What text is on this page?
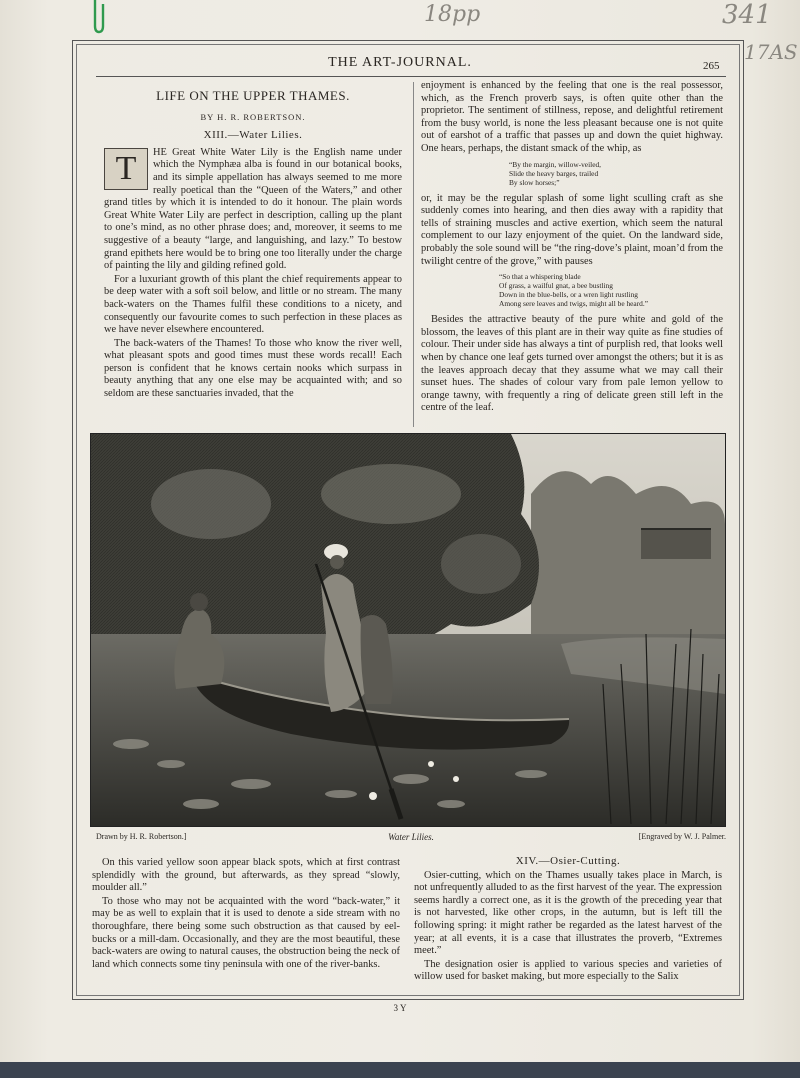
18pp	341
17AS
THE ART-JOURNAL.	265
LIFE ON THE UPPER THAMES.
BY H. R. ROBERTSON.
XIII.—Water Lilies.

T	HE Great White Water Lily is the English name under which the Nymphæa alba is found in our botanical books, and its simple appellation has always seemed to me more really poetical than the “Queen of the Waters,” and other grand titles by which it is intended to do it honour. The plain words Great White Water Lily are perfect in description, calling up the plant to one’s mind, as no other phrase does; and, moreover, it seems to me suggestive of a beauty “large, and languishing, and lazy.” To bestow grand epithets here would be to bring one too literally under the charge of painting the lily and gilding refined gold.

For a luxuriant growth of this plant the chief requirements appear to be deep water with a soft soil below, and little or no stream. The many back-waters on the Thames fulfil these conditions to a nicety, and consequently our favourite comes to such perfection in these places as we have never elsewhere encountered.

The back-waters of the Thames! To those who know the river well, what pleasant spots and good times must these words recall! Each person is confident that he knows certain nooks which surpass in beauty anything that any one else may be acquainted with; and so seldom are these sanctuaries invaded, that the

enjoyment is enhanced by the feeling that one is the real possessor, which, as the French proverb says, is often quite other than the proprietor. The sentiment of stillness, repose, and delightful retirement from the busy world, is none the less pleasant because one is not quite out of earshot of a traffic that passes up and down the quiet highway. One hears, perhaps, the distant smack of the whip, as

“By the margin, willow-veiled,
Slide the heavy barges, trailed
By slow horses;”

or, it may be the regular splash of some light sculling craft as she suddenly comes into hearing, and then dies away with a rapidity that tells of straining muscles and active exertion, which seem the natural complement to our lazy enjoyment of the quiet. On the landward side, probably the sole sound will be “the ring-dove’s plaint, moan’d from the twilight centre of the grove,” with pauses

“So that a whispering blade
Of grass, a wailful gnat, a bee bustling
Down in the blue-bells, or a wren light rustling
Among sere leaves and twigs, might all be heard.”

Besides the attractive beauty of the pure white and gold of the blossom, the leaves of this plant are in their way quite as fine studies of colour. Their under side has always a tint of purplish red, that looks well when by chance one leaf gets turned over amongst the others; but it is as the leaves approach decay that they assume what we may call their sunset hues. The shades of colour vary from pale lemon yellow to orange tawny, with frequently a ring of delicate green still left in the centre of the leaf.

Drawn by H. R. Robertson.]	Water Lilies.	[Engraved by W. J. Palmer.

On this varied yellow soon appear black spots, which at first contrast splendidly with the ground, but afterwards, as they spread “slowly, moulder all.”

To those who may not be acquainted with the word “back-water,” it may be as well to explain that it is used to denote a side stream with no thoroughfare, there being some such obstruction as that caused by eel-bucks or a mill-dam. Occasionally, and they are the most beautiful, these back-waters are owing to natural causes, the obstruction being the neck of land which connects some tiny peninsula with one of the river-banks.

XIV.—Osier-Cutting.

Osier-cutting, which on the Thames usually takes place in March, is not unfrequently alluded to as the first harvest of the year. The expression seems hardly a correct one, as it is the growth of the preceding year that is not harvested, like other crops, in the autumn, but is left till the following spring: it might rather be regarded as the latest harvest of the year; at all events, it is a case that illustrates the proverb, “Extremes meet.”

The designation osier is applied to various species and varieties of willow used for basket making, but more especially to the Salix

3 Y
